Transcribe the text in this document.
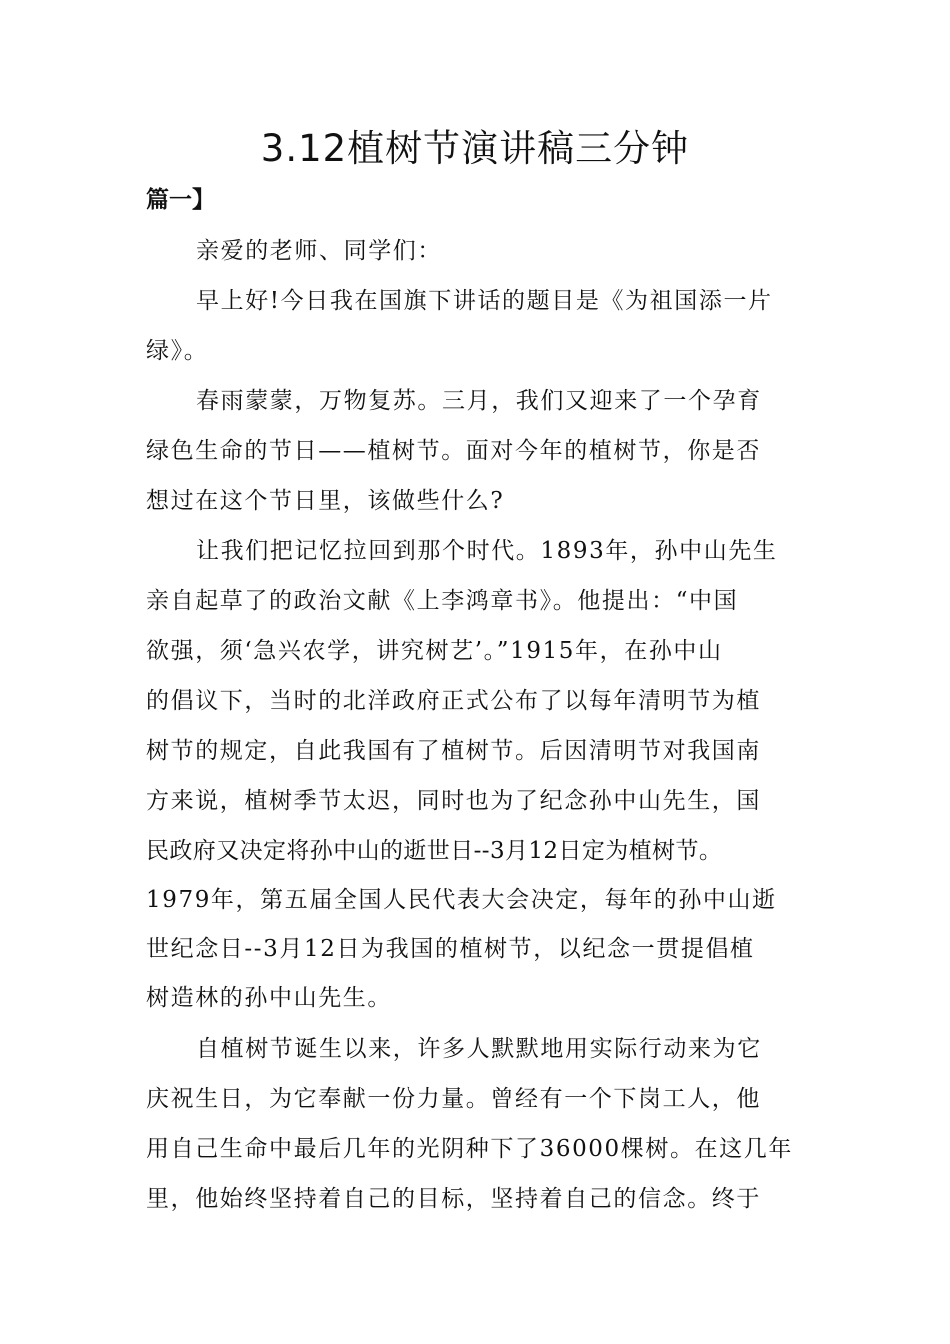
3.12植树节演讲稿三分钟
篇一】
亲爱的老师、同学们：
早上好!今日我在国旗下讲话的题目是《为祖国添一片
绿》。
春雨蒙蒙，万物复苏。三月，我们又迎来了一个孕育
绿色生命的节日——植树节。面对今年的植树节，你是否
想过在这个节日里，该做些什么?
让我们把记忆拉回到那个时代。1893年，孙中山先生
亲自起草了的政治文献《上李鸿章书》。他提出：“中国
欲强，须‘急兴农学，讲究树艺’。”1915年，在孙中山
的倡议下，当时的北洋政府正式公布了以每年清明节为植
树节的规定，自此我国有了植树节。后因清明节对我国南
方来说，植树季节太迟，同时也为了纪念孙中山先生，国
民政府又决定将孙中山的逝世日--3月12日定为植树节。
1979年，第五届全国人民代表大会决定，每年的孙中山逝
世纪念日--3月12日为我国的植树节，以纪念一贯提倡植
树造林的孙中山先生。
自植树节诞生以来，许多人默默地用实际行动来为它
庆祝生日，为它奉献一份力量。曾经有一个下岗工人，他
用自己生命中最后几年的光阴种下了36000棵树。在这几年
里，他始终坚持着自己的目标，坚持着自己的信念。终于
